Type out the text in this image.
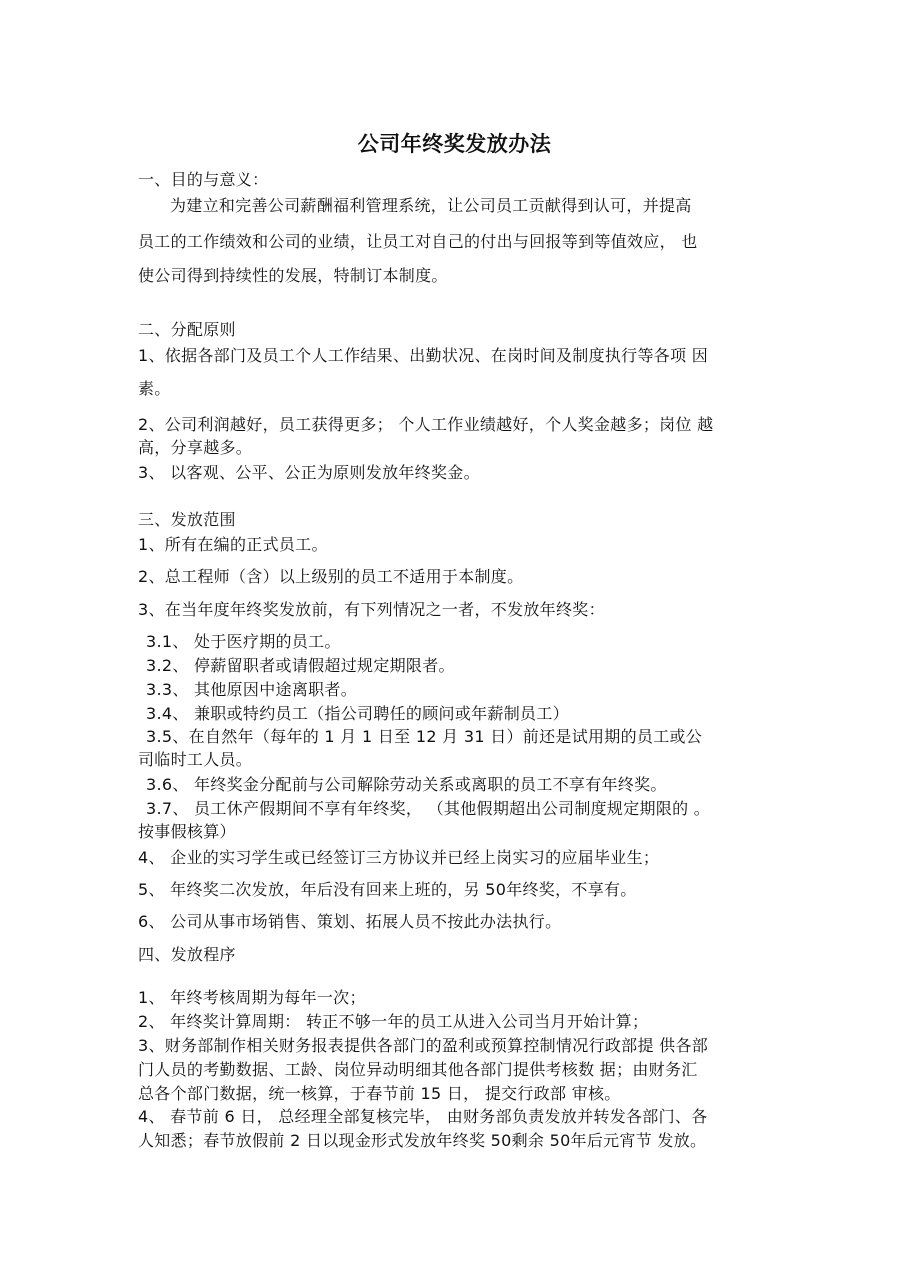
公司年终奖发放办法
一、目的与意义：
为建立和完善公司薪酬福利管理系统，让公司员工贡献得到认可，并提高
员工的工作绩效和公司的业绩，让员工对自己的付出与回报等到等值效应， 也
使公司得到持续性的发展，特制订本制度。
二、分配原则
1、依据各部门及员工个人工作结果、出勤状况、在岗时间及制度执行等各项 因
素。
2、公司利润越好，员工获得更多； 个人工作业绩越好，个人奖金越多；岗位 越
高，分享越多。
3、 以客观、公平、公正为原则发放年终奖金。
三、发放范围
1、所有在编的正式员工。
2、总工程师（含）以上级别的员工不适用于本制度。
3、在当年度年终奖发放前，有下列情况之一者，不发放年终奖：
3.1、 处于医疗期的员工。
3.2、 停薪留职者或请假超过规定期限者。
3.3、 其他原因中途离职者。
3.4、 兼职或特约员工（指公司聘任的顾问或年薪制员工）
3.5、在自然年（每年的 1 月 1 日至 12 月 31 日）前还是试用期的员工或公
司临时工人员。
3.6、 年终奖金分配前与公司解除劳动关系或离职的员工不享有年终奖。
3.7、 员工休产假期间不享有年终奖， （其他假期超出公司制度规定期限的 。
按事假核算）
4、 企业的实习学生或已经签订三方协议并已经上岗实习的应届毕业生；
5、 年终奖二次发放，年后没有回来上班的，另 50年终奖，不享有。
6、 公司从事市场销售、策划、拓展人员不按此办法执行。
四、发放程序
1、 年终考核周期为每年一次；
2、 年终奖计算周期： 转正不够一年的员工从进入公司当月开始计算；
3、财务部制作相关财务报表提供各部门的盈利或预算控制情况行政部提 供各部
门人员的考勤数据、工龄、岗位异动明细其他各部门提供考核数 据；由财务汇
总各个部门数据，统一核算，于春节前 15 日， 提交行政部 审核。
4、 春节前 6 日， 总经理全部复核完毕， 由财务部负责发放并转发各部门、各
人知悉；春节放假前 2 日以现金形式发放年终奖 50剩余 50年后元宵节 发放。
